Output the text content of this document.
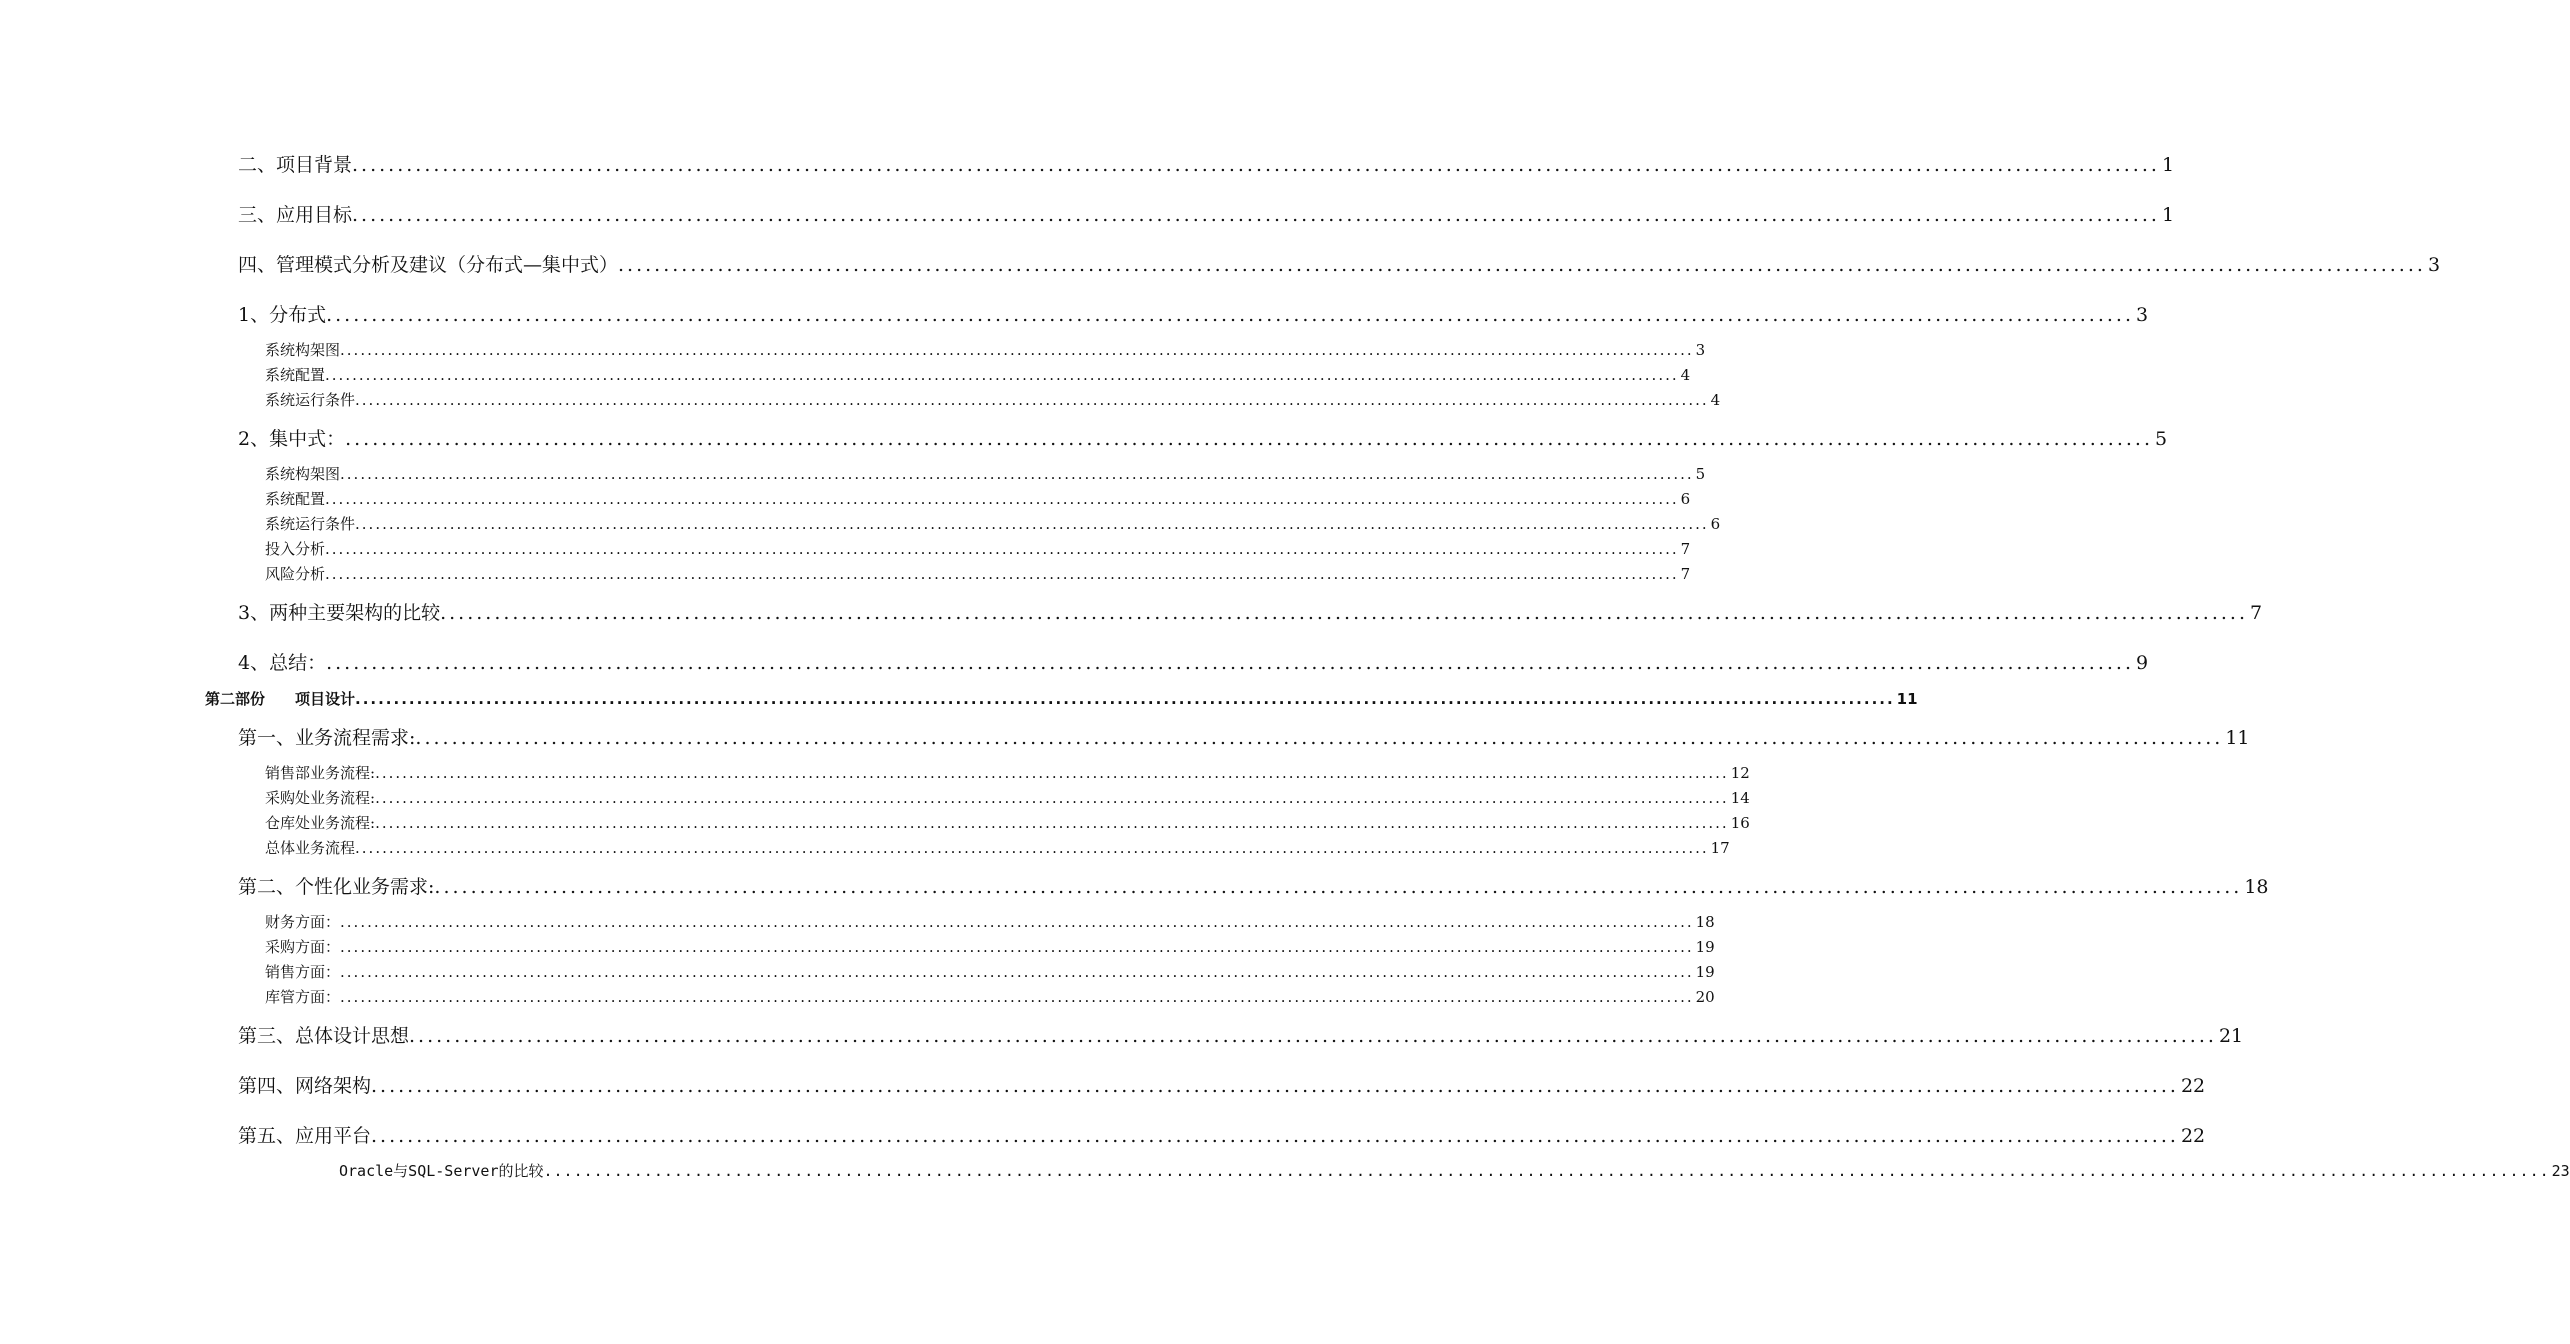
二、项目背景 ........................................................................................................................................................................................................ 1
三、应用目标 ........................................................................................................................................................................................................ 1
四、管理模式分析及建议（分布式—集中式） ........................................................................................................................................................................................................ 3
1、分布式 ........................................................................................................................................................................................................ 3
系统构架图 ........................................................................................................................................................................................................ 3
系统配置 ........................................................................................................................................................................................................ 4
系统运行条件 ........................................................................................................................................................................................................ 4
2、集中式： ........................................................................................................................................................................................................ 5
系统构架图 ........................................................................................................................................................................................................ 5
系统配置 ........................................................................................................................................................................................................ 6
系统运行条件 ........................................................................................................................................................................................................ 6
投入分析 ........................................................................................................................................................................................................ 7
风险分析 ........................................................................................................................................................................................................ 7
3、两种主要架构的比较 ........................................................................................................................................................................................................ 7
4、总结： ........................................................................................................................................................................................................ 9
第二部份　　项目设计 ........................................................................................................................................................................................................ 11
第一、业务流程需求: ........................................................................................................................................................................................................ 11
销售部业务流程: ........................................................................................................................................................................................................ 12
采购处业务流程: ........................................................................................................................................................................................................ 14
仓库处业务流程: ........................................................................................................................................................................................................ 16
总体业务流程 ........................................................................................................................................................................................................ 17
第二、个性化业务需求: ........................................................................................................................................................................................................ 18
财务方面： ........................................................................................................................................................................................................ 18
采购方面： ........................................................................................................................................................................................................ 19
销售方面： ........................................................................................................................................................................................................ 19
库管方面： ........................................................................................................................................................................................................ 20
第三、总体设计思想 ........................................................................................................................................................................................................ 21
第四、网络架构 ........................................................................................................................................................................................................ 22
第五、应用平台 ........................................................................................................................................................................................................ 22
Oracle与SQL-Server的比较 ........................................................................................................................................................................................................ 23
